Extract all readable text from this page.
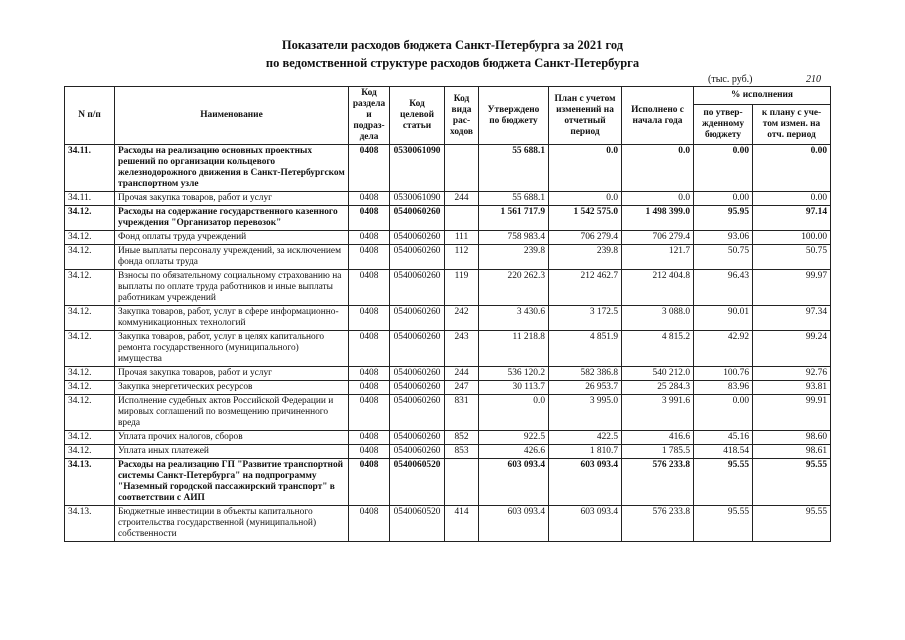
Показатели расходов бюджета Санкт-Петербурга за 2021 год
по ведомственной структуре расходов бюджета Санкт-Петербурга
(тыс. руб.)	210
N п/п	Наименование	Код раздела и подраз-дела	Код целевой статьи	Код вида рас-ходов	Утверждено по бюджету	План с учетом изменений на отчетный период	Исполнено с начала года	% исполнения	
								по утвер-жденному бюджету	к плану с уче-том измен. на отч. период
34.11.	Расходы на реализацию основных проектных решений по организации кольцевого железнодорожного движения в Санкт-Петербургском транспортном узле	0408	0530061090		55 688.1	0.0	0.0	0.00	0.00
34.11.	Прочая закупка товаров, работ и услуг	0408	0530061090	244	55 688.1	0.0	0.0	0.00	0.00
34.12.	Расходы на содержание государственного казенного учреждения "Организатор перевозок"	0408	0540060260		1 561 717.9	1 542 575.0	1 498 399.0	95.95	97.14
34.12.	Фонд оплаты труда учреждений	0408	0540060260	111	758 983.4	706 279.4	706 279.4	93.06	100.00
34.12.	Иные выплаты персоналу учреждений, за исключением фонда оплаты труда	0408	0540060260	112	239.8	239.8	121.7	50.75	50.75
34.12.	Взносы по обязательному социальному страхованию на выплаты по оплате труда работников и иные выплаты работникам учреждений	0408	0540060260	119	220 262.3	212 462.7	212 404.8	96.43	99.97
34.12.	Закупка товаров, работ, услуг в сфере информационно-коммуникационных технологий	0408	0540060260	242	3 430.6	3 172.5	3 088.0	90.01	97.34
34.12.	Закупка товаров, работ, услуг в целях капитального ремонта государственного (муниципального) имущества	0408	0540060260	243	11 218.8	4 851.9	4 815.2	42.92	99.24
34.12.	Прочая закупка товаров, работ и услуг	0408	0540060260	244	536 120.2	582 386.8	540 212.0	100.76	92.76
34.12.	Закупка энергетических ресурсов	0408	0540060260	247	30 113.7	26 953.7	25 284.3	83.96	93.81
34.12.	Исполнение судебных актов Российской Федерации и мировых соглашений по возмещению причиненного вреда	0408	0540060260	831	0.0	3 995.0	3 991.6	0.00	99.91
34.12.	Уплата прочих налогов, сборов	0408	0540060260	852	922.5	422.5	416.6	45.16	98.60
34.12.	Уплата иных платежей	0408	0540060260	853	426.6	1 810.7	1 785.5	418.54	98.61
34.13.	Расходы на реализацию ГП "Развитие транспортной системы Санкт-Петербурга" на подпрограмму "Наземный городской пассажирский транспорт" в соответствии с АИП	0408	0540060520		603 093.4	603 093.4	576 233.8	95.55	95.55
34.13.	Бюджетные инвестиции в объекты капитального строительства государственной (муниципальной) собственности	0408	0540060520	414	603 093.4	603 093.4	576 233.8	95.55	95.55
